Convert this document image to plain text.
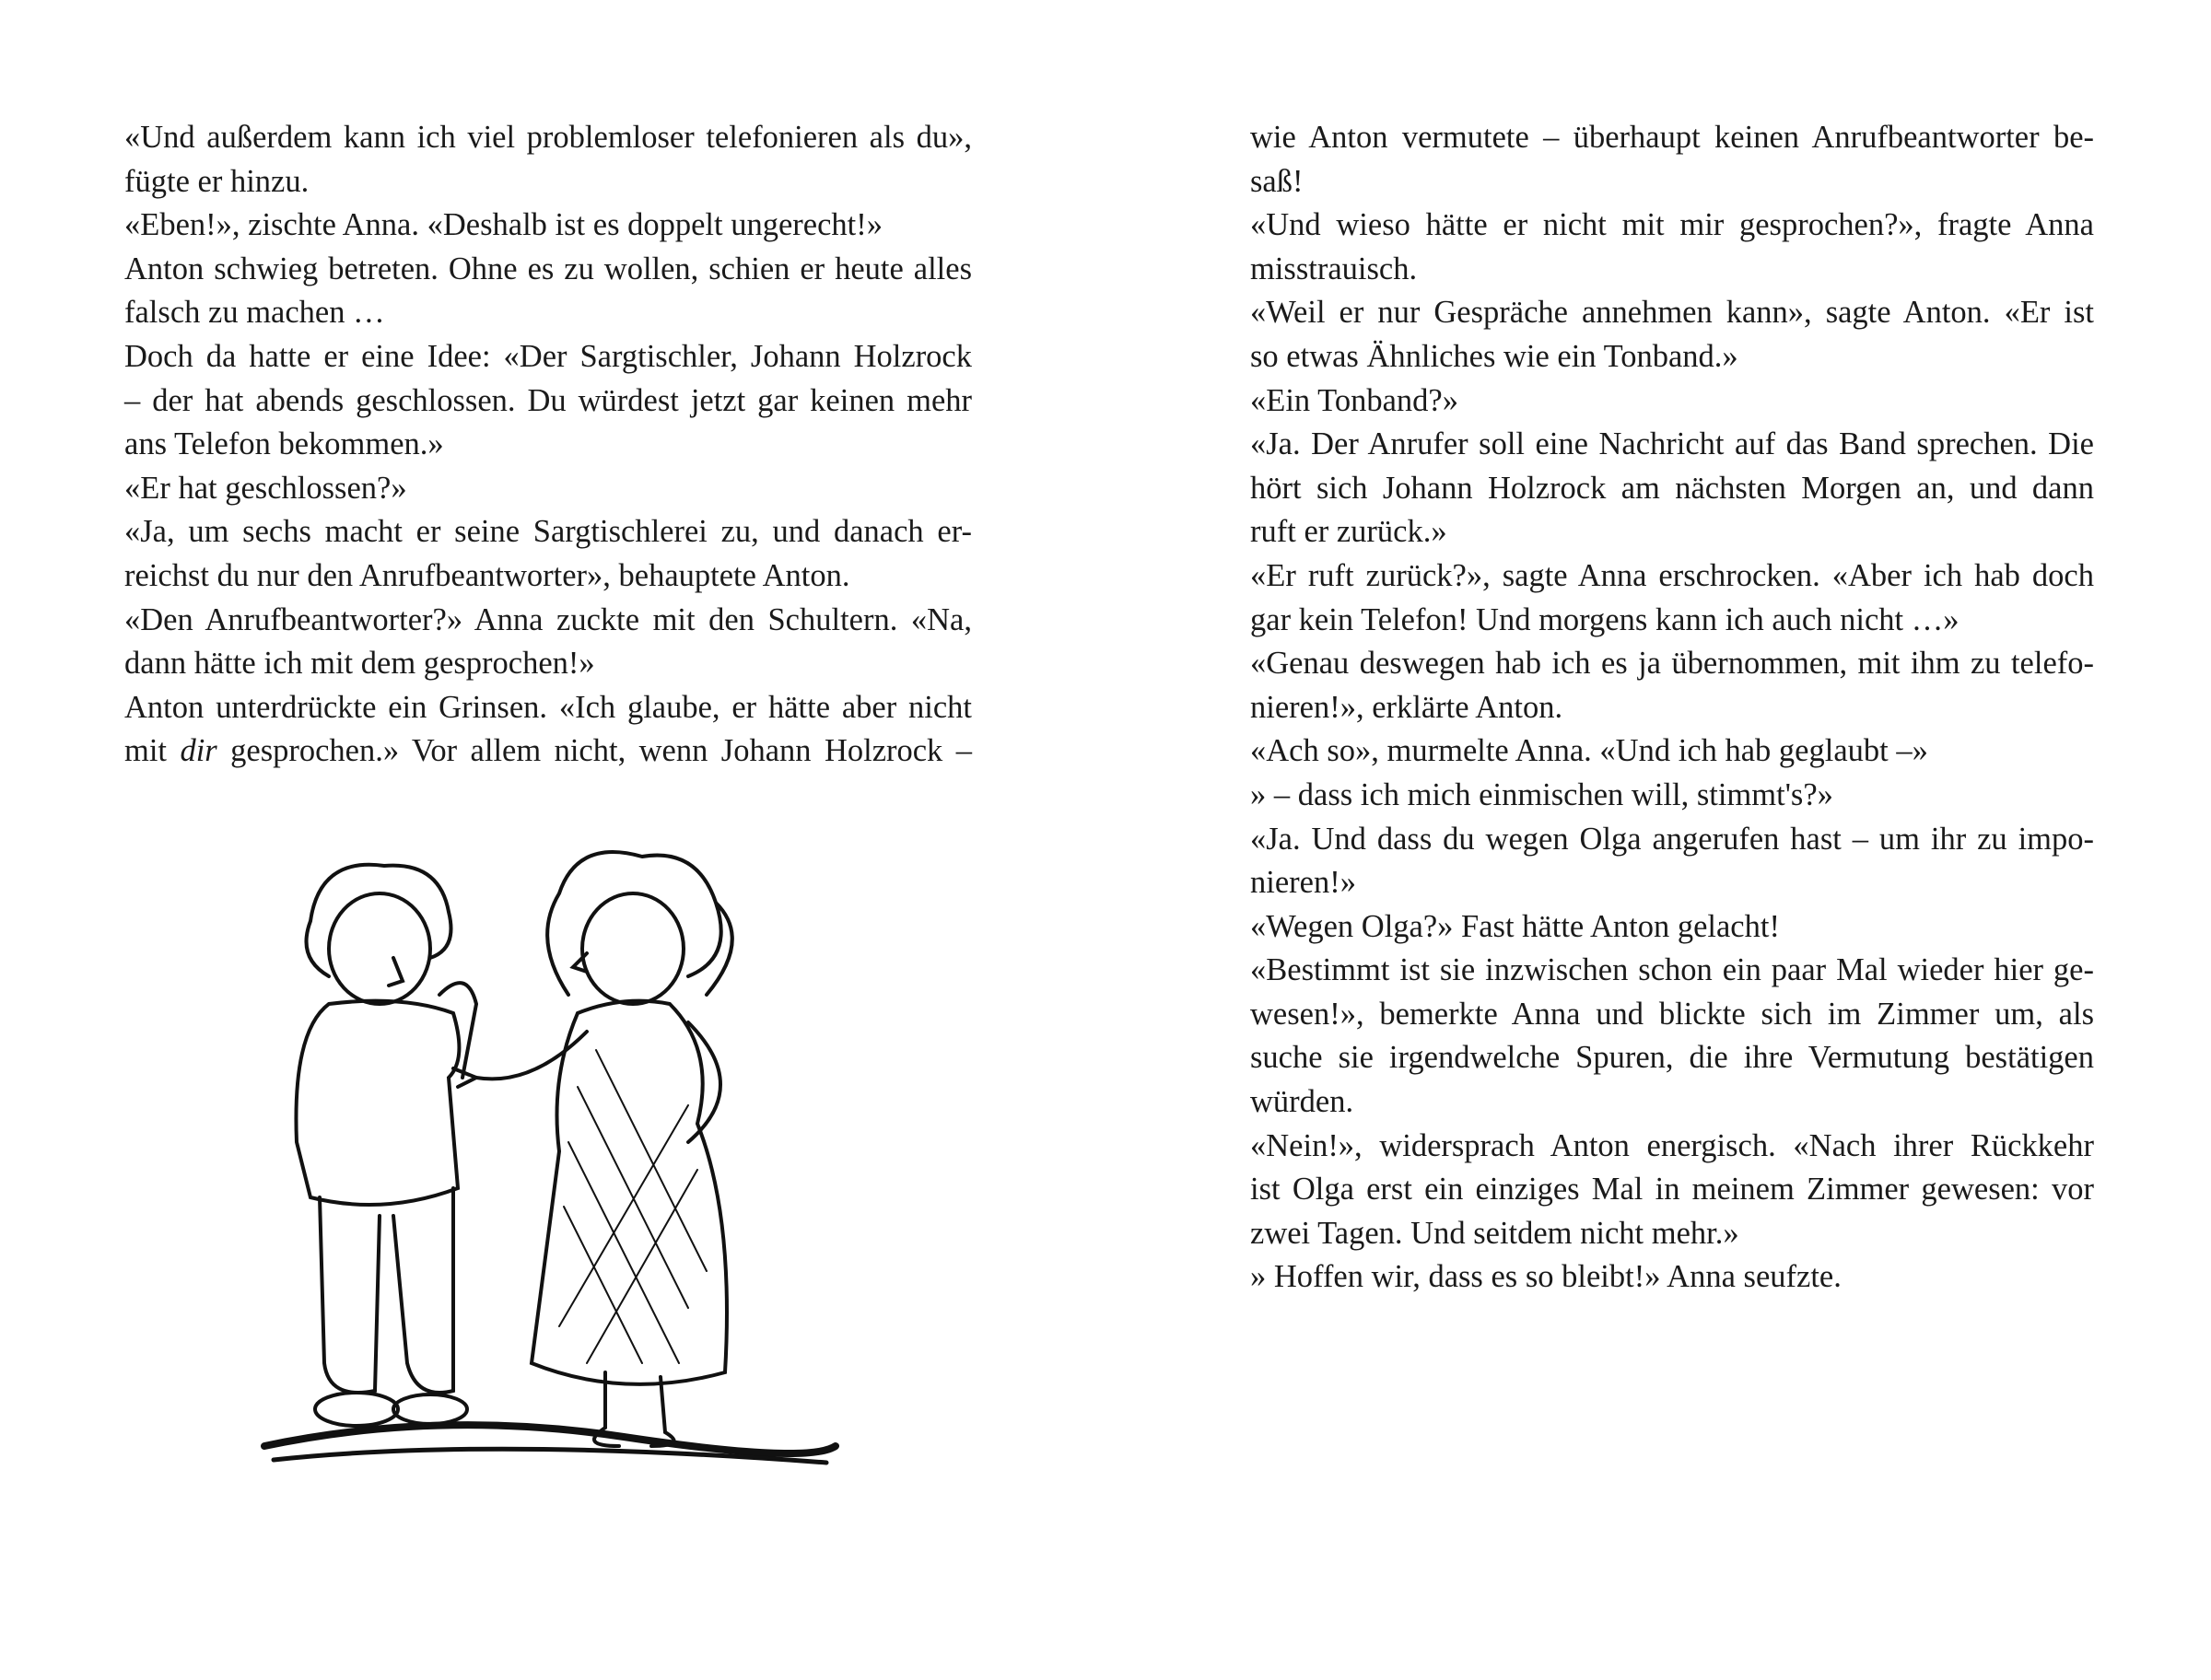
«Und außerdem kann ich viel problemloser telefonieren als du»,
fügte er hinzu.
«Eben!», zischte Anna. «Deshalb ist es doppelt ungerecht!»
Anton schwieg betreten. Ohne es zu wollen, schien er heute alles
falsch zu machen …
Doch da hatte er eine Idee: «Der Sargtischler, Johann Holzrock
– der hat abends geschlossen. Du würdest jetzt gar keinen mehr
ans Telefon bekommen.»
«Er hat geschlossen?»
«Ja, um sechs macht er seine Sargtischlerei zu, und danach er-
reichst du nur den Anrufbeantworter», behauptete Anton.
«Den Anrufbeantworter?» Anna zuckte mit den Schultern. «Na,
dann hätte ich mit dem gesprochen!»
Anton unterdrückte ein Grinsen. «Ich glaube, er hätte aber nicht
mit dir gesprochen.» Vor allem nicht, wenn Johann Holzrock –
wie Anton vermutete – überhaupt keinen Anrufbeantworter be-
saß!
«Und wieso hätte er nicht mit mir gesprochen?», fragte Anna
misstrauisch.
«Weil er nur Gespräche annehmen kann», sagte Anton. «Er ist
so etwas Ähnliches wie ein Tonband.»
«Ein Tonband?»
«Ja. Der Anrufer soll eine Nachricht auf das Band sprechen. Die
hört sich Johann Holzrock am nächsten Morgen an, und dann
ruft er zurück.»
«Er ruft zurück?», sagte Anna erschrocken. «Aber ich hab doch
gar kein Telefon! Und morgens kann ich auch nicht …»
«Genau deswegen hab ich es ja übernommen, mit ihm zu telefo-
nieren!», erklärte Anton.
«Ach so», murmelte Anna. «Und ich hab geglaubt –»
» – dass ich mich einmischen will, stimmt's?»
«Ja. Und dass du wegen Olga angerufen hast – um ihr zu impo-
nieren!»
«Wegen Olga?» Fast hätte Anton gelacht!
«Bestimmt ist sie inzwischen schon ein paar Mal wieder hier ge-
wesen!», bemerkte Anna und blickte sich im Zimmer um, als
suche sie irgendwelche Spuren, die ihre Vermutung bestätigen
würden.
«Nein!», widersprach Anton energisch. «Nach ihrer Rückkehr
ist Olga erst ein einziges Mal in meinem Zimmer gewesen: vor
zwei Tagen. Und seitdem nicht mehr.»
» Hoffen wir, dass es so bleibt!» Anna seufzte.
